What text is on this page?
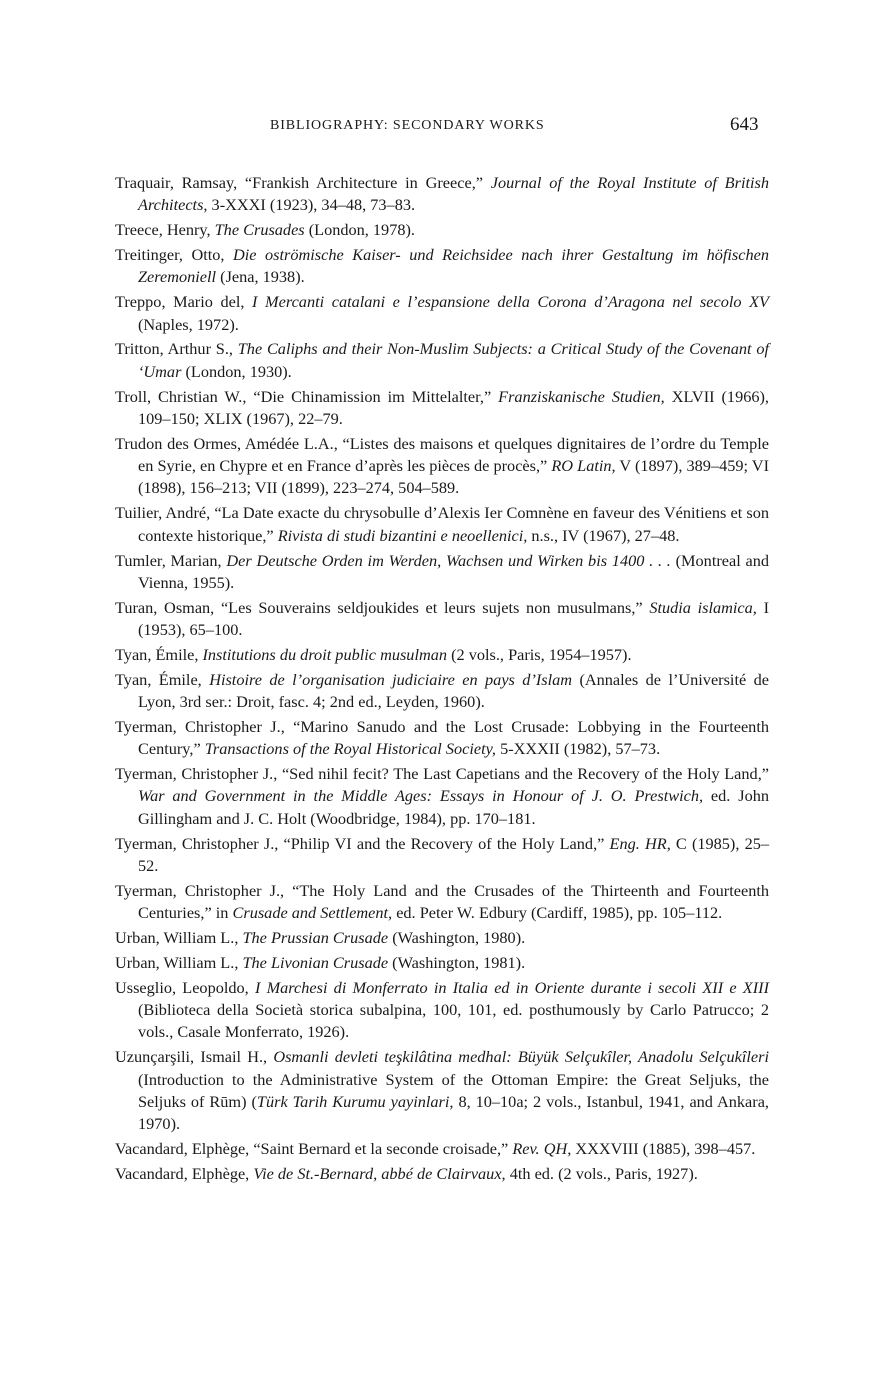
BIBLIOGRAPHY: SECONDARY WORKS	643

Traquair, Ramsay, “Frankish Architecture in Greece,” Journal of the Royal Institute of British Architects, 3-XXXI (1923), 34–48, 73–83.

Treece, Henry, The Crusades (London, 1978).

Treitinger, Otto, Die oströmische Kaiser- und Reichsidee nach ihrer Gestaltung im höfischen Zeremoniell (Jena, 1938).

Treppo, Mario del, I Mercanti catalani e l’espansione della Corona d’Aragona nel secolo XV (Naples, 1972).

Tritton, Arthur S., The Caliphs and their Non-Muslim Subjects: a Critical Study of the Covenant of ‘Umar (London, 1930).

Troll, Christian W., “Die Chinamission im Mittelalter,” Franziskanische Studien, XLVII (1966), 109–150; XLIX (1967), 22–79.

Trudon des Ormes, Amédée L.A., “Listes des maisons et quelques dignitaires de l’ordre du Temple en Syrie, en Chypre et en France d’après les pièces de procès,” RO Latin, V (1897), 389–459; VI (1898), 156–213; VII (1899), 223–274, 504–589.

Tuilier, André, “La Date exacte du chrysobulle d’Alexis Ier Comnène en faveur des Vénitiens et son contexte historique,” Rivista di studi bizantini e neoellenici, n.s., IV (1967), 27–48.

Tumler, Marian, Der Deutsche Orden im Werden, Wachsen und Wirken bis 1400 . . . (Montreal and Vienna, 1955).

Turan, Osman, “Les Souverains seldjoukides et leurs sujets non musulmans,” Studia islamica, I (1953), 65–100.

Tyan, Émile, Institutions du droit public musulman (2 vols., Paris, 1954–1957).

Tyan, Émile, Histoire de l’organisation judiciaire en pays d’Islam (Annales de l’Université de Lyon, 3rd ser.: Droit, fasc. 4; 2nd ed., Leyden, 1960).

Tyerman, Christopher J., “Marino Sanudo and the Lost Crusade: Lobbying in the Fourteenth Century,” Transactions of the Royal Historical Society, 5-XXXII (1982), 57–73.

Tyerman, Christopher J., “Sed nihil fecit? The Last Capetians and the Recovery of the Holy Land,” War and Government in the Middle Ages: Essays in Honour of J. O. Prestwich, ed. John Gillingham and J. C. Holt (Woodbridge, 1984), pp. 170–181.

Tyerman, Christopher J., “Philip VI and the Recovery of the Holy Land,” Eng. HR, C (1985), 25–52.

Tyerman, Christopher J., “The Holy Land and the Crusades of the Thirteenth and Fourteenth Centuries,” in Crusade and Settlement, ed. Peter W. Edbury (Cardiff, 1985), pp. 105–112.

Urban, William L., The Prussian Crusade (Washington, 1980).

Urban, William L., The Livonian Crusade (Washington, 1981).

Usseglio, Leopoldo, I Marchesi di Monferrato in Italia ed in Oriente durante i secoli XII e XIII (Biblioteca della Società storica subalpina, 100, 101, ed. posthumously by Carlo Patrucco; 2 vols., Casale Monferrato, 1926).

Uzunçarşili, Ismail H., Osmanli devleti teşkilâtina medhal: Büyük Selçukîler, Anadolu Selçukîleri (Introduction to the Administrative System of the Ottoman Empire: the Great Seljuks, the Seljuks of Rūm) (Türk Tarih Kurumu yayinlari, 8, 10–10a; 2 vols., Istanbul, 1941, and Ankara, 1970).

Vacandard, Elphège, “Saint Bernard et la seconde croisade,” Rev. QH, XXXVIII (1885), 398–457.

Vacandard, Elphège, Vie de St.-Bernard, abbé de Clairvaux, 4th ed. (2 vols., Paris, 1927).
